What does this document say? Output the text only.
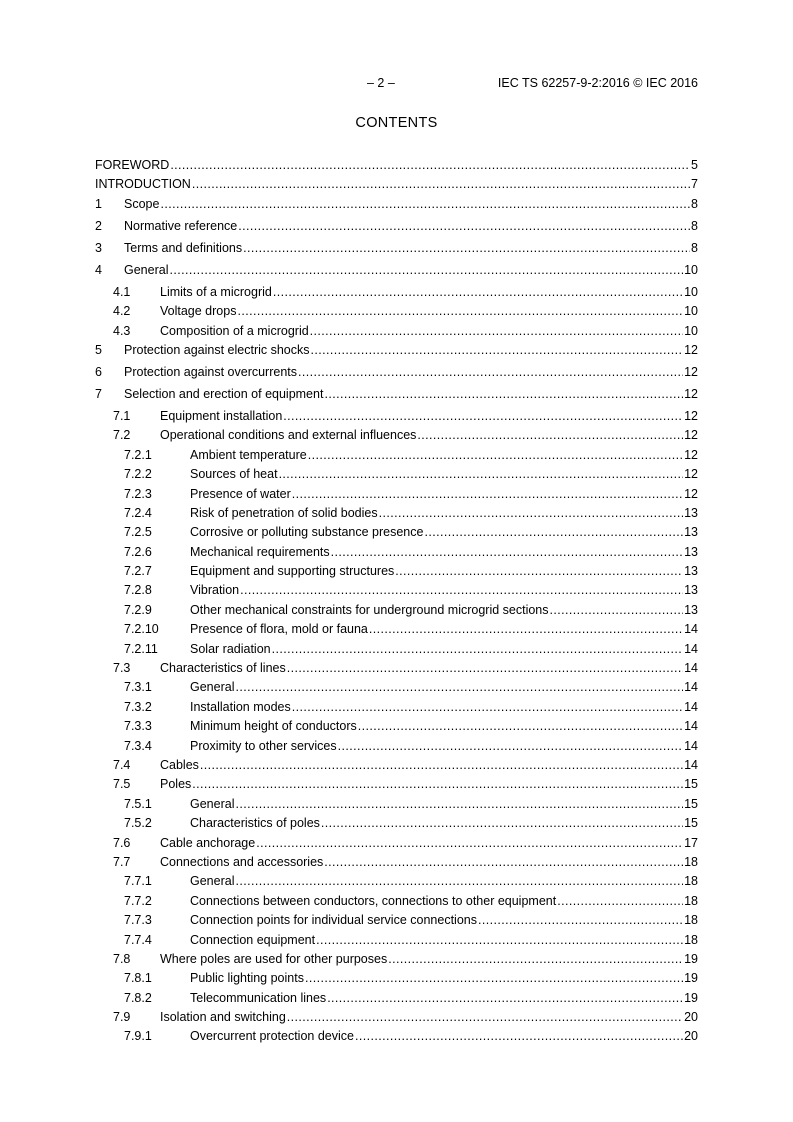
– 2 –	IEC TS 62257-9-2:2016 © IEC 2016
CONTENTS
FOREWORD .....	5
INTRODUCTION .....	7
1	Scope .....	8
2	Normative reference .....	8
3	Terms and definitions .....	8
4	General .....	10
4.1	Limits of a microgrid .....	10
4.2	Voltage drops .....	10
4.3	Composition of a microgrid .....	10
5	Protection against electric shocks .....	12
6	Protection against overcurrents .....	12
7	Selection and erection of equipment .....	12
7.1	Equipment installation .....	12
7.2	Operational conditions and external influences .....	12
7.2.1	Ambient temperature .....	12
7.2.2	Sources of heat .....	12
7.2.3	Presence of water .....	12
7.2.4	Risk of penetration of solid bodies .....	13
7.2.5	Corrosive or polluting substance presence .....	13
7.2.6	Mechanical requirements .....	13
7.2.7	Equipment and supporting structures .....	13
7.2.8	Vibration .....	13
7.2.9	Other mechanical constraints for underground microgrid sections .....	13
7.2.10	Presence of flora, mold or fauna .....	14
7.2.11	Solar radiation .....	14
7.3	Characteristics of lines .....	14
7.3.1	General .....	14
7.3.2	Installation modes .....	14
7.3.3	Minimum height of conductors .....	14
7.3.4	Proximity to other services .....	14
7.4	Cables .....	14
7.5	Poles .....	15
7.5.1	General .....	15
7.5.2	Characteristics of poles .....	15
7.6	Cable anchorage .....	17
7.7	Connections and accessories .....	18
7.7.1	General .....	18
7.7.2	Connections between conductors, connections to other equipment .....	18
7.7.3	Connection points for individual service connections .....	18
7.7.4	Connection equipment .....	18
7.8	Where poles are used for other purposes .....	19
7.8.1	Public lighting points .....	19
7.8.2	Telecommunication lines .....	19
7.9	Isolation and switching .....	20
7.9.1	Overcurrent protection device .....	20
